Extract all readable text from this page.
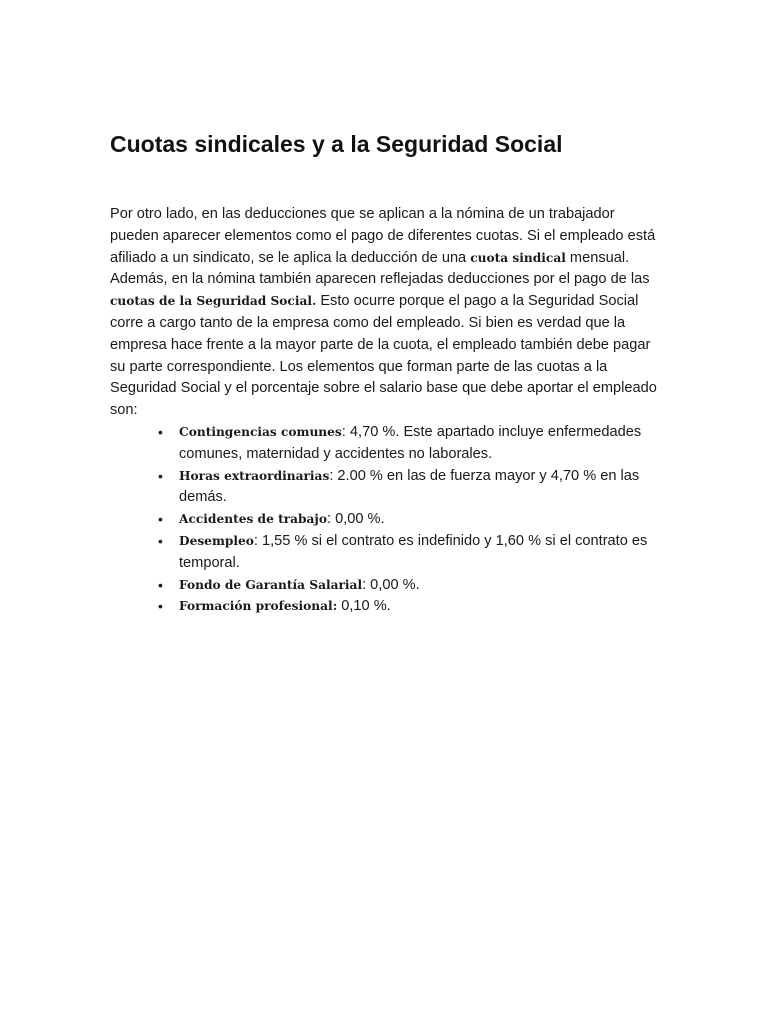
Cuotas sindicales y a la Seguridad Social

Por otro lado, en las deducciones que se aplican a la nómina de un trabajador pueden aparecer elementos como el pago de diferentes cuotas. Si el empleado está afiliado a un sindicato, se le aplica la deducción de una cuota sindical mensual. Además, en la nómina también aparecen reflejadas deducciones por el pago de las cuotas de la Seguridad Social. Esto ocurre porque el pago a la Seguridad Social corre a cargo tanto de la empresa como del empleado. Si bien es verdad que la empresa hace frente a la mayor parte de la cuota, el empleado también debe pagar su parte correspondiente. Los elementos que forman parte de las cuotas a la Seguridad Social y el porcentaje sobre el salario base que debe aportar el empleado son:

• Contingencias comunes: 4,70 %. Este apartado incluye enfermedades comunes, maternidad y accidentes no laborales.
• Horas extraordinarias: 2.00 % en las de fuerza mayor y 4,70 % en las demás.
• Accidentes de trabajo: 0,00 %.
• Desempleo: 1,55 % si el contrato es indefinido y 1,60 % si el contrato es temporal.
• Fondo de Garantía Salarial: 0,00 %.
• Formación profesional: 0,10 %.
